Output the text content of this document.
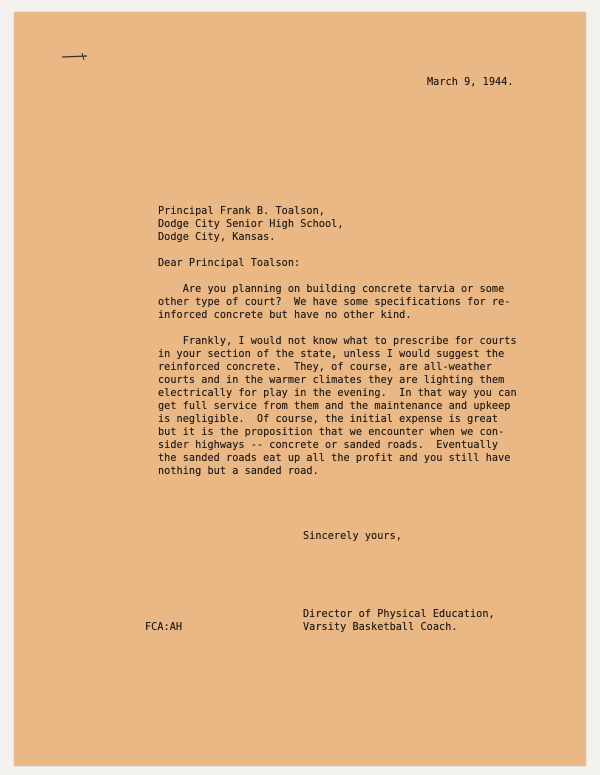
March 9, 1944.
Principal Frank B. Toalson,
Dodge City Senior High School,
Dodge City, Kansas.
Dear Principal Toalson:
Are you planning on building concrete tarvia or some
other type of court?  We have some specifications for re-
inforced concrete but have no other kind.
Frankly, I would not know what to prescribe for courts
in your section of the state, unless I would suggest the
reinforced concrete.  They, of course, are all-weather
courts and in the warmer climates they are lighting them
electrically for play in the evening.  In that way you can
get full service from them and the maintenance and upkeep
is negligible.  Of course, the initial expense is great
but it is the proposition that we encounter when we con-
sider highways -- concrete or sanded roads.  Eventually
the sanded roads eat up all the profit and you still have
nothing but a sanded road.
Sincerely yours,
Director of Physical Education,
Varsity Basketball Coach.
FCA:AH
